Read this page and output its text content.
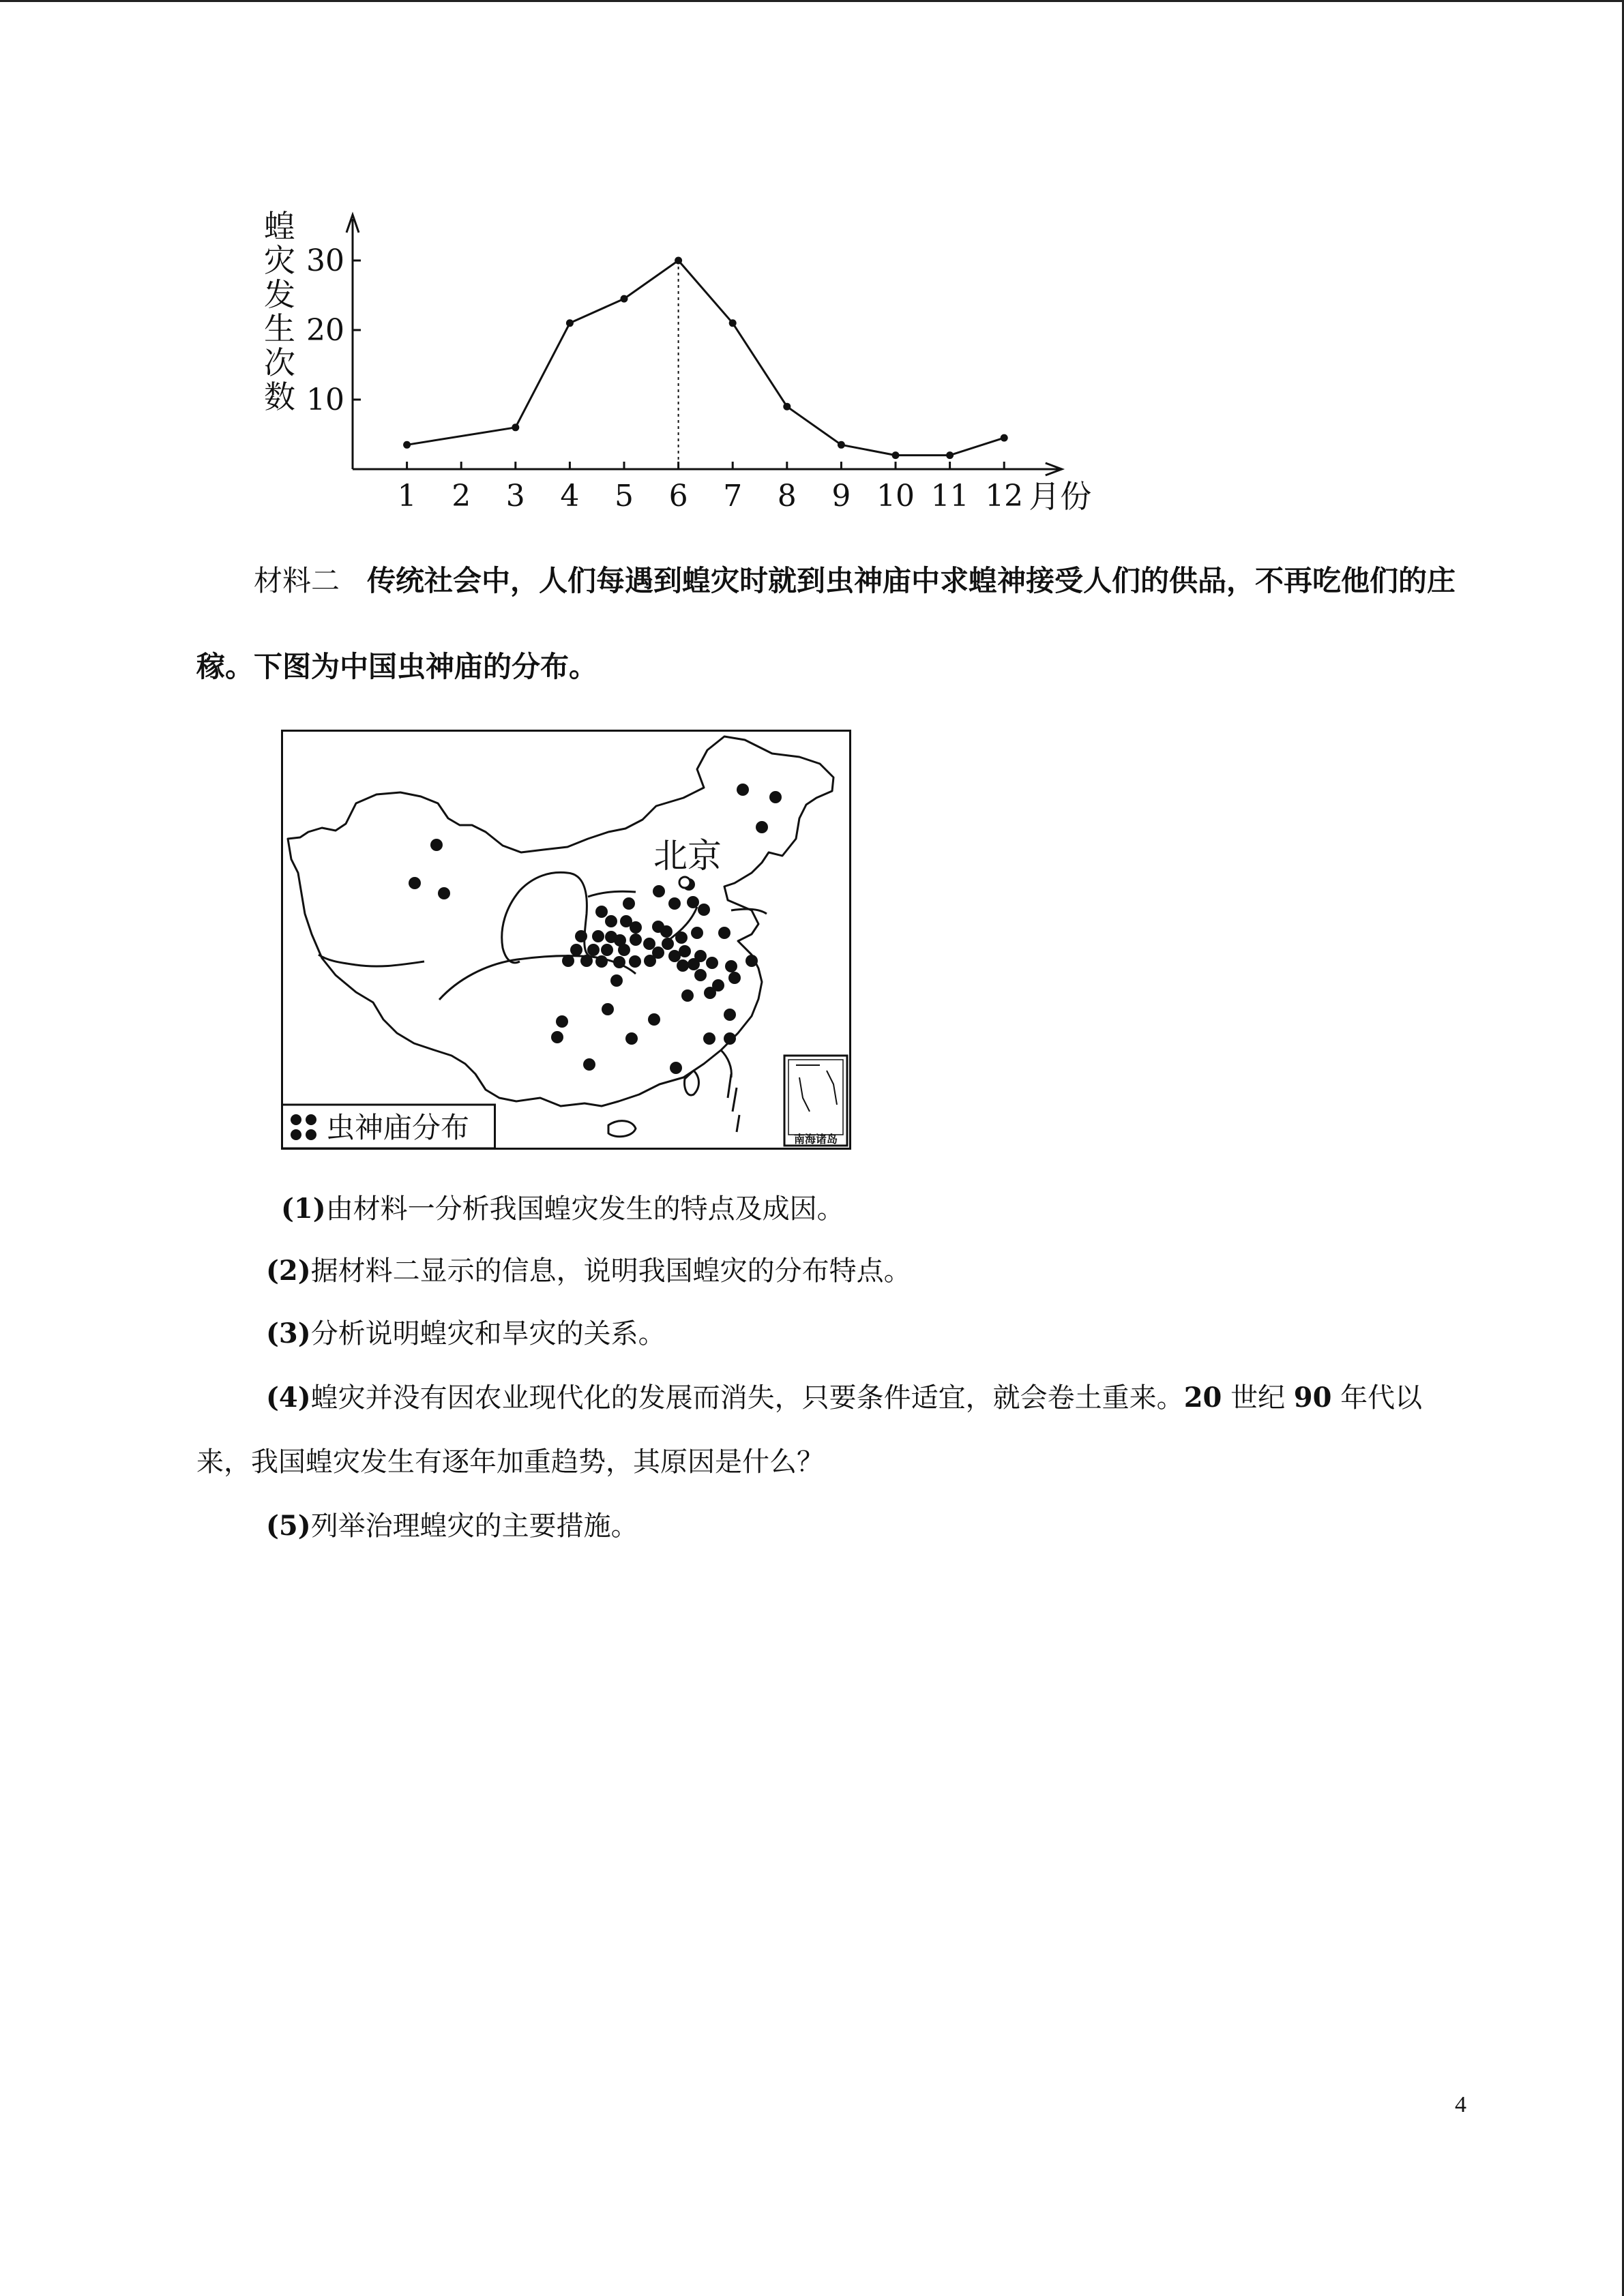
蝗
灾
发
生
次
数 10
20
30
1 2 3 4 5 6 7 8 9 10 11 12 月份
材料二 传统社会中，人们每遇到蝗灾时就到虫神庙中求蝗神接受人们的供品，不再吃他们的庄
稼。下图为中国虫神庙的分布。
南海诸岛
北京
虫神庙分布
(1)由材料一分析我国蝗灾发生的特点及成因。
(2)据材料二显示的信息，说明我国蝗灾的分布特点。
(3)分析说明蝗灾和旱灾的关系。
(4)蝗灾并没有因农业现代化的发展而消失，只要条件适宜，就会卷土重来。20 世纪 90 年代以
来，我国蝗灾发生有逐年加重趋势，其原因是什么？
(5)列举治理蝗灾的主要措施。
4
